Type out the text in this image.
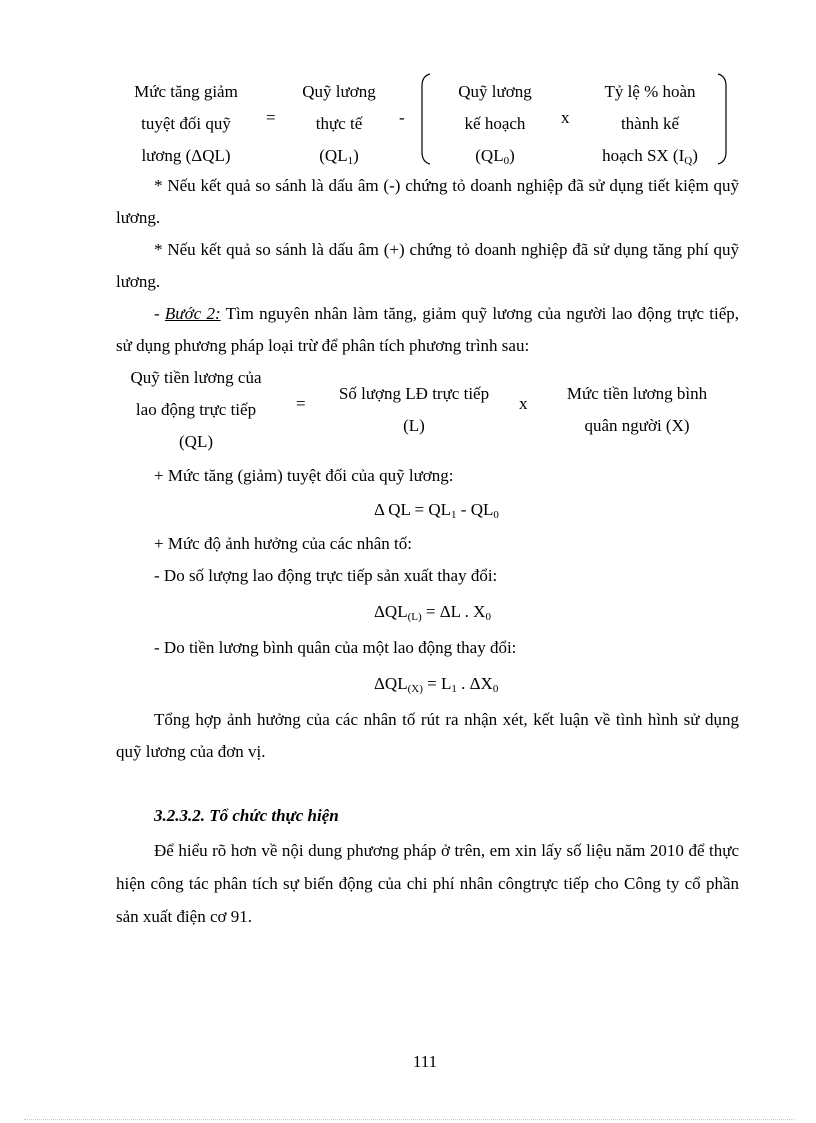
Mức tăng giảm
tuyệt đối quỹ
lương (ΔQL)
=
Quỹ lương
thực tế
$(QL_1)$
-
Quỹ lương
kế hoạch
$(QL_0)$
x
Tỷ lệ % hoàn
thành kế
hoạch SX $(I_Q)$
* Nếu kết quả so sánh là dấu âm (-) chứng tỏ doanh nghiệp đã sử dụng tiết kiệm quỹ lương.
* Nếu kết quả so sánh là dấu âm (+) chứng tỏ doanh nghiệp đã sử dụng tăng phí quỹ lương.
- Bước 2: Tìm nguyên nhân làm tăng, giảm quỹ lương của người lao động trực tiếp, sử dụng phương pháp loại trừ để phân tích phương trình sau:
Quỹ tiền lương của
lao động trực tiếp
(QL)
=
Số lượng LĐ trực tiếp
(L)
x
Mức tiền lương bình
quân người (X)
+ Mức tăng (giảm) tuyệt đối của quỹ lương:
Δ QL = $QL_1 - QL_0$
+ Mức độ ảnh hưởng của các nhân tố:
- Do số lượng lao động trực tiếp sản xuất thay đổi:
$\Delta QL_{(L)} = \Delta L$ . $X_0$
- Do tiền lương bình quân của một lao động thay đổi:
$\Delta QL_{(X)} = L_1$ . $\Delta X_0$
Tổng hợp ảnh hưởng của các nhân tố rút ra nhận xét, kết luận về tình hình sử dụng quỹ lương của đơn vị.
3.2.3.2. Tổ chức thực hiện
Để hiểu rõ hơn về nội dung phương pháp ở trên, em xin lấy số liệu năm 2010 để thực hiện công tác phân tích sự biến động của chi phí nhân côngtrực tiếp cho Công ty cổ phần sản xuất điện cơ 91.
111
